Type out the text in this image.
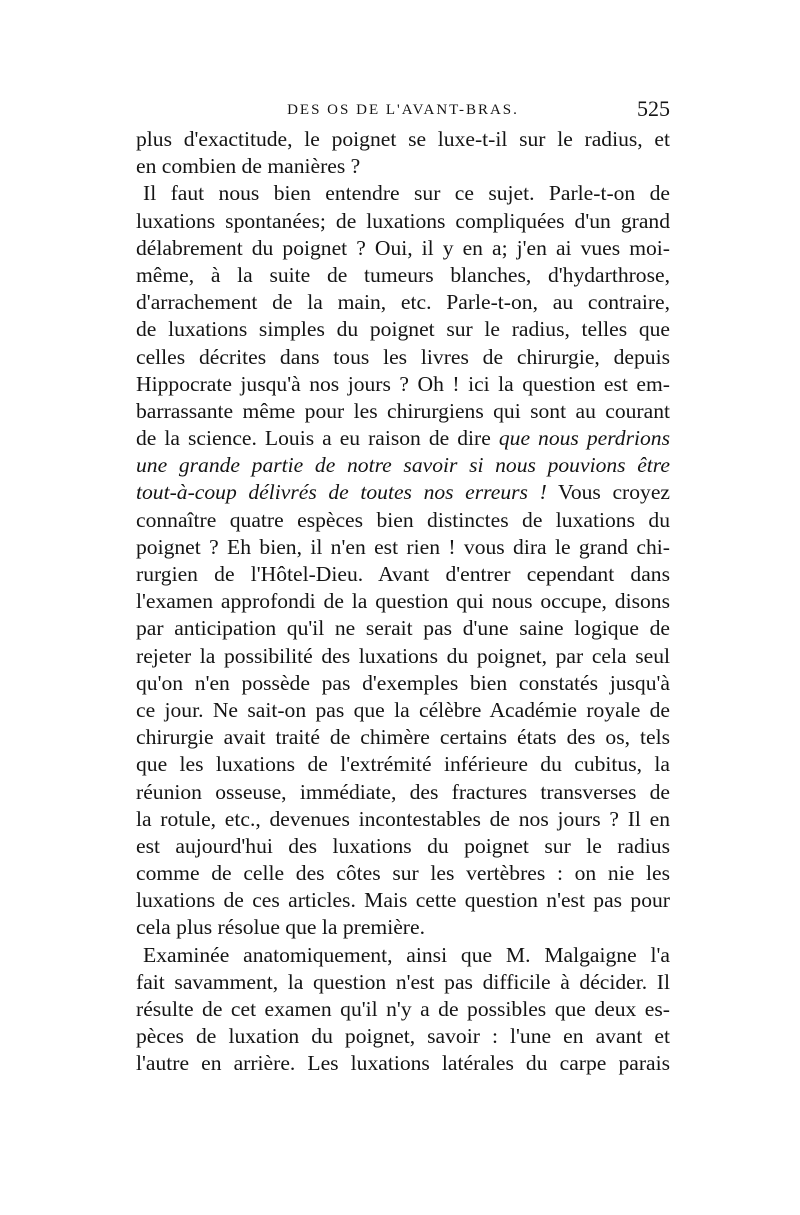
DES OS DE L'AVANT-BRAS.	525
plus d'exactitude, le poignet se luxe-t-il sur le radius, et
en combien de manières ?
Il faut nous bien entendre sur ce sujet. Parle-t-on de
luxations spontanées; de luxations compliquées d'un grand
délabrement du poignet ? Oui, il y en a; j'en ai vues moi-
même, à la suite de tumeurs blanches, d'hydarthrose,
d'arrachement de la main, etc. Parle-t-on, au contraire,
de luxations simples du poignet sur le radius, telles que
celles décrites dans tous les livres de chirurgie, depuis
Hippocrate jusqu'à nos jours ? Oh ! ici la question est em-
barrassante même pour les chirurgiens qui sont au courant
de la science. Louis a eu raison de dire que nous perdrions
une grande partie de notre savoir si nous pouvions être
tout-à-coup délivrés de toutes nos erreurs ! Vous croyez
connaître quatre espèces bien distinctes de luxations du
poignet ? Eh bien, il n'en est rien ! vous dira le grand chi-
rurgien de l'Hôtel-Dieu. Avant d'entrer cependant dans
l'examen approfondi de la question qui nous occupe, disons
par anticipation qu'il ne serait pas d'une saine logique de
rejeter la possibilité des luxations du poignet, par cela seul
qu'on n'en possède pas d'exemples bien constatés jusqu'à
ce jour. Ne sait-on pas que la célèbre Académie royale de
chirurgie avait traité de chimère certains états des os, tels
que les luxations de l'extrémité inférieure du cubitus, la
réunion osseuse, immédiate, des fractures transverses de
la rotule, etc., devenues incontestables de nos jours ? Il en
est aujourd'hui des luxations du poignet sur le radius
comme de celle des côtes sur les vertèbres : on nie les
luxations de ces articles. Mais cette question n'est pas pour
cela plus résolue que la première.
Examinée anatomiquement, ainsi que M. Malgaigne l'a
fait savamment, la question n'est pas difficile à décider. Il
résulte de cet examen qu'il n'y a de possibles que deux es-
pèces de luxation du poignet, savoir : l'une en avant et
l'autre en arrière. Les luxations latérales du carpe parais
